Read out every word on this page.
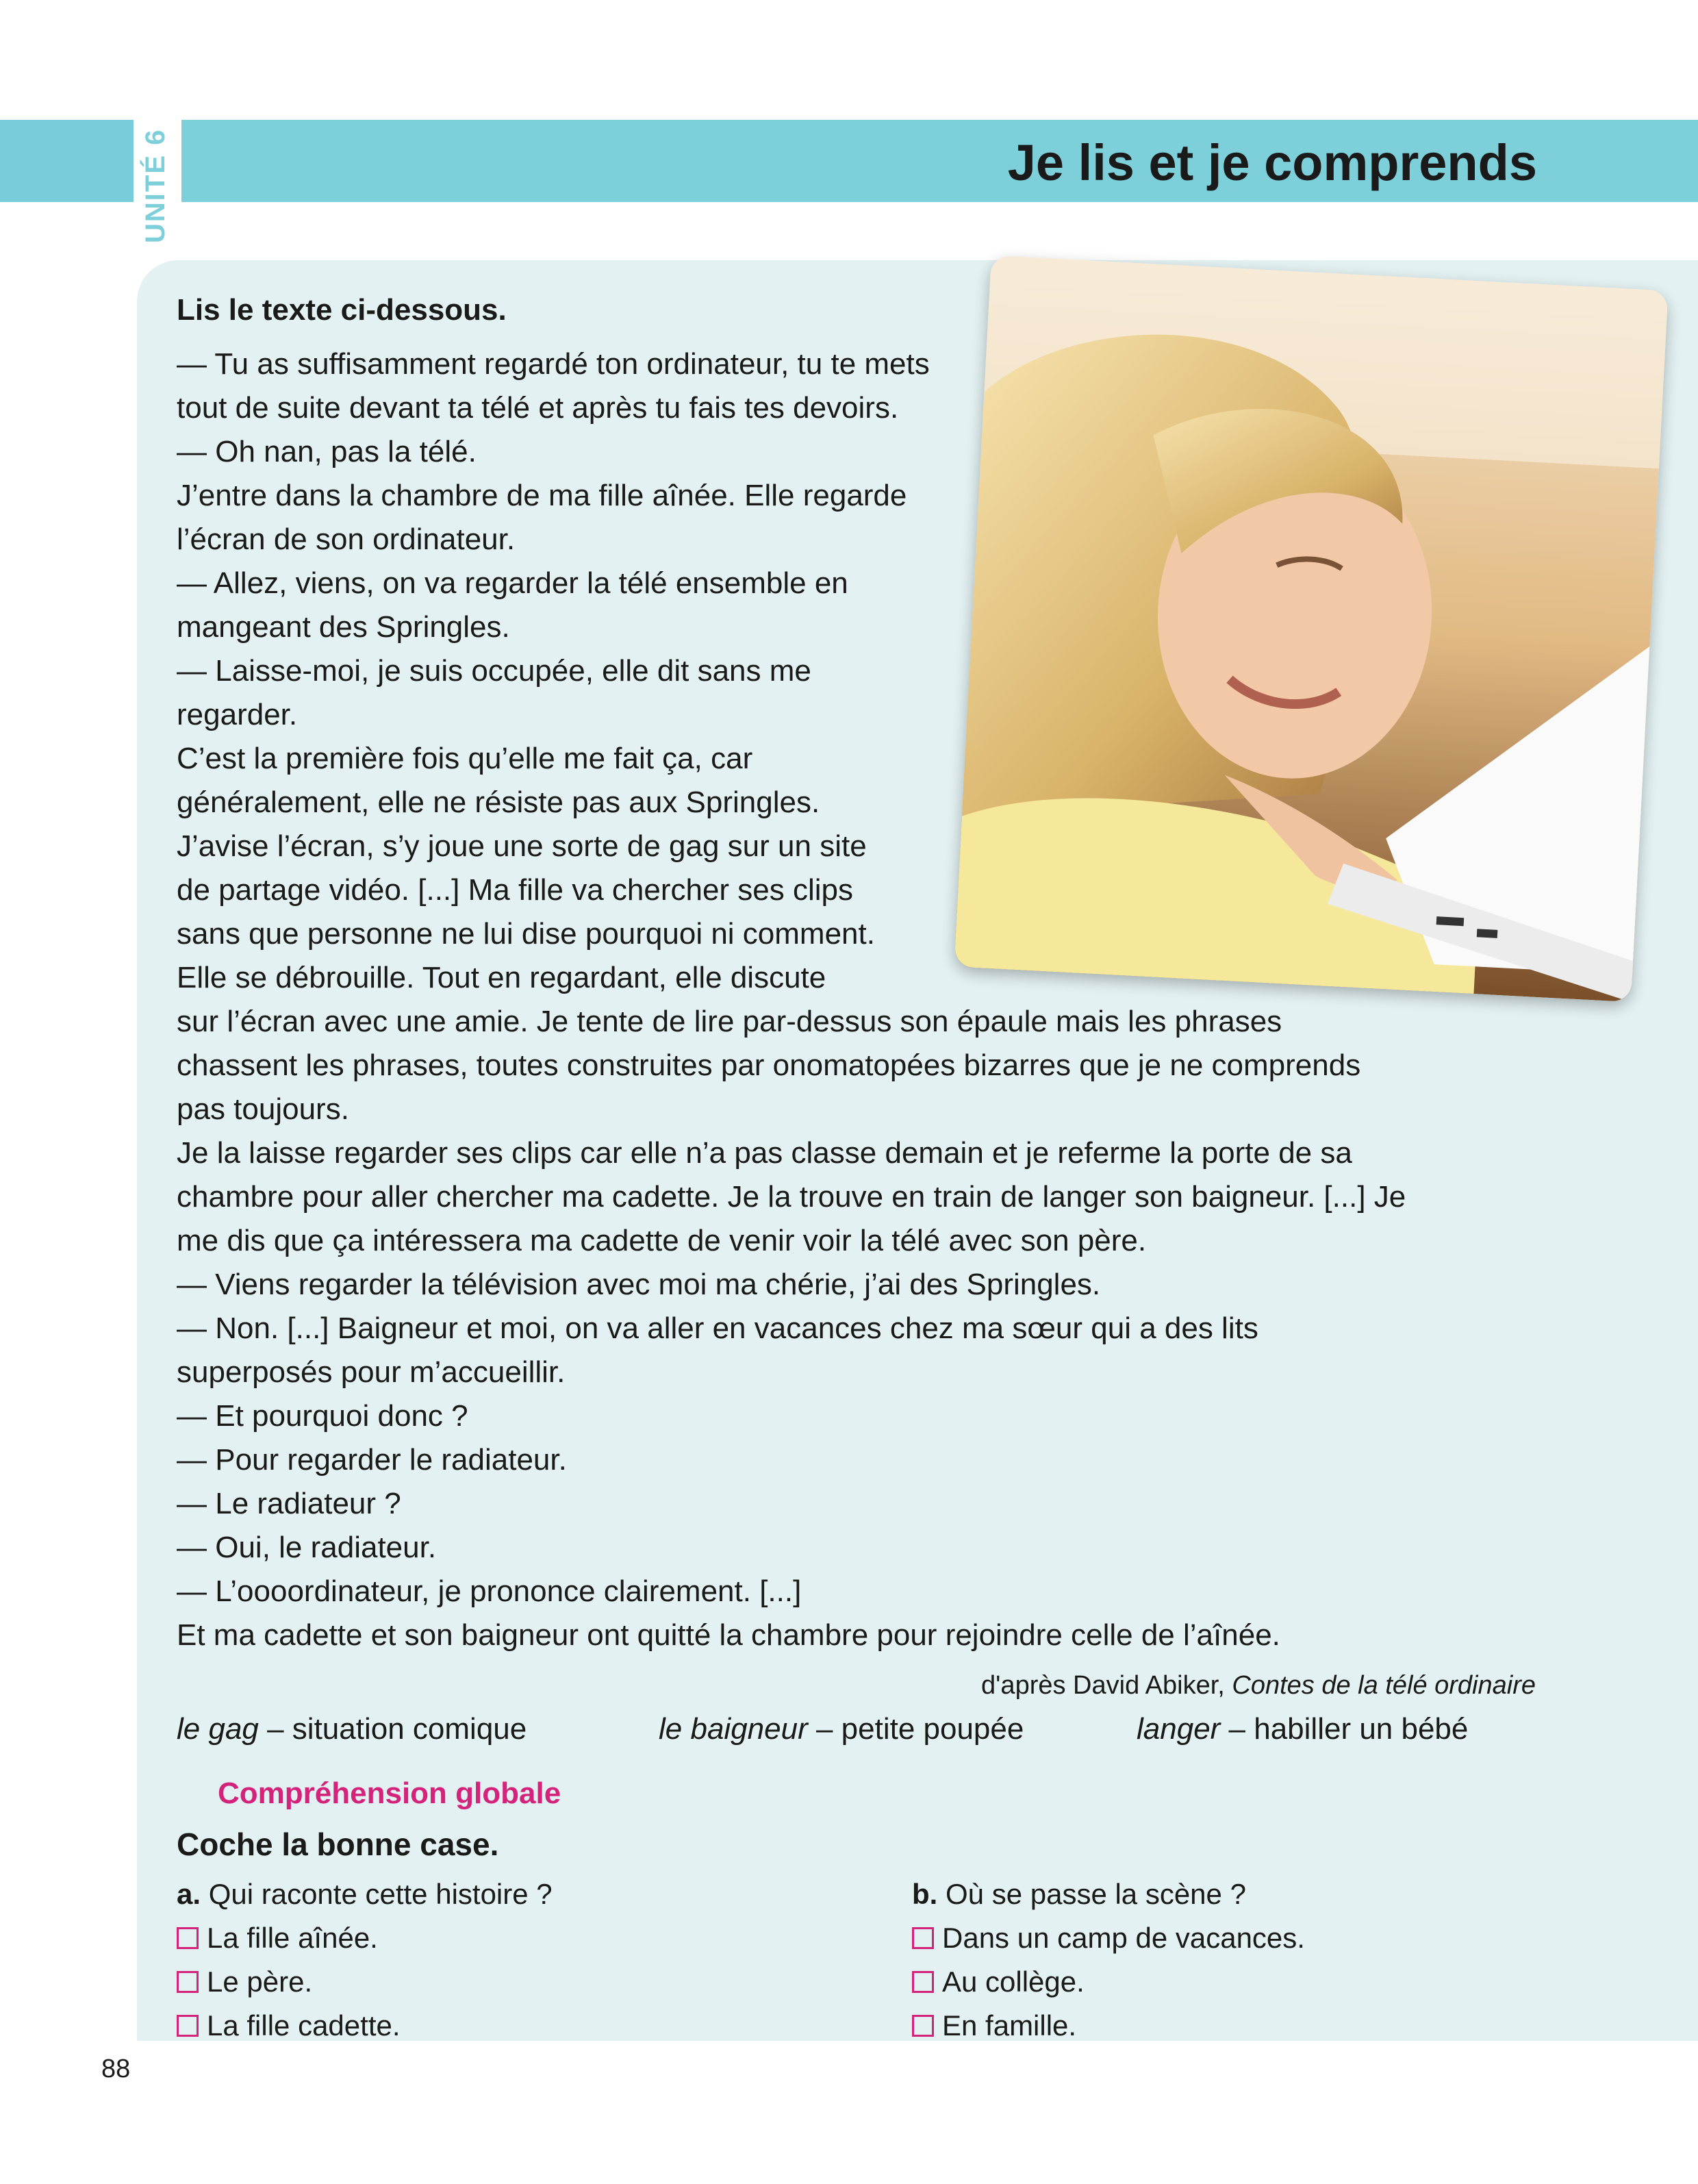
UNITÉ 6	Je lis et je comprends

Lis le texte ci-dessous.

— Tu as suffisamment regardé ton ordinateur, tu te mets
tout de suite devant ta télé et après tu fais tes devoirs.
— Oh nan, pas la télé.
J’entre dans la chambre de ma fille aînée. Elle regarde
l’écran de son ordinateur.
— Allez, viens, on va regarder la télé ensemble en
mangeant des Springles.
— Laisse-moi, je suis occupée, elle dit sans me
regarder.
C’est la première fois qu’elle me fait ça, car
généralement, elle ne résiste pas aux Springles.
J’avise l’écran, s’y joue une sorte de gag sur un site
de partage vidéo. [...] Ma fille va chercher ses clips
sans que personne ne lui dise pourquoi ni comment.
Elle se débrouille. Tout en regardant, elle discute
sur l’écran avec une amie. Je tente de lire par-dessus son épaule mais les phrases
chassent les phrases, toutes construites par onomatopées bizarres que je ne comprends
pas toujours.
Je la laisse regarder ses clips car elle n’a pas classe demain et je referme la porte de sa
chambre pour aller chercher ma cadette. Je la trouve en train de langer son baigneur. [...] Je
me dis que ça intéressera ma cadette de venir voir la télé avec son père.
— Viens regarder la télévision avec moi ma chérie, j’ai des Springles.
— Non. [...] Baigneur et moi, on va aller en vacances chez ma sœur qui a des lits
superposés pour m’accueillir.
— Et pourquoi donc ?
— Pour regarder le radiateur.
— Le radiateur ?
— Oui, le radiateur.
— L’oooordinateur, je prononce clairement. [...]
Et ma cadette et son baigneur ont quitté la chambre pour rejoindre celle de l’aînée.
d'après David Abiker, Contes de la télé ordinaire
le gag – situation comique	le baigneur – petite poupée	langer – habiller un bébé
Compréhension globale

Coche la bonne case.

a. Qui raconte cette histoire ?
La fille aînée.
Le père.
La fille cadette.
b. Où se passe la scène ?
Dans un camp de vacances.
Au collège.
En famille.
88
